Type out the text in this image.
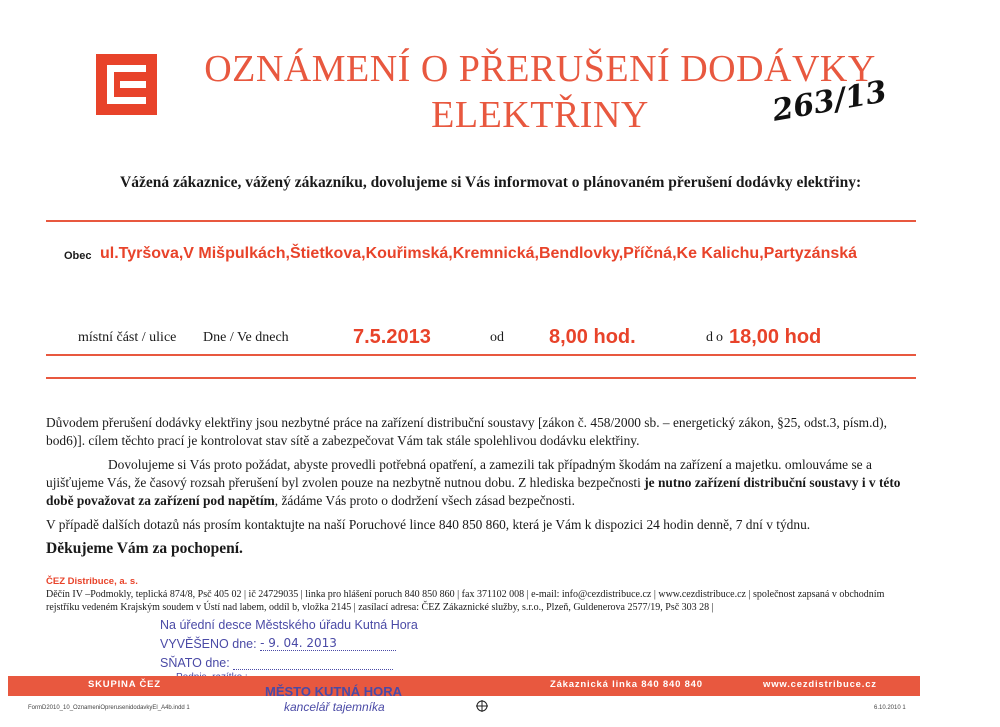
OZNÁMENÍ O PŘERUŠENÍ DODÁVKY
ELEKTŘINY	263/13
Vážená zákaznice, vážený zákazníku, dovolujeme si Vás informovat o plánovaném přerušení dodávky elektřiny:
Obec ul.Tyršova,V Mišpulkách,Štietkova,Kouřimská,Kremnická,Bendlovky,Příčná,Ke Kalichu,Partyzánská
místní část / ulice Dne / Ve dnech	7.5.2013	od 8,00 hod.	do 18,00 hod
Důvodem přerušení dodávky elektřiny jsou nezbytné práce na zařízení distribuční soustavy [zákon č. 458/2000 sb. – energetický zákon, §25, odst.3, písm.d), bod6)]. cílem těchto prací je kontrolovat stav sítě a zabezpečovat Vám tak stále spolehlivou dodávku elektřiny.
Dovolujeme si Vás proto požádat, abyste provedli potřebná opatření, a zamezili tak případným škodám na zařízení a majetku. omlouváme se a ujišťujeme Vás, že časový rozsah přerušení byl zvolen pouze na nezbytně nutnou dobu. Z hlediska bezpečnosti je nutno zařízení distribuční soustavy i v této době považovat za zařízení pod napětím, žádáme Vás proto o dodržení všech zásad bezpečnosti.
V případě dalších dotazů nás prosím kontaktujte na naší Poruchové lince 840 850 860, která je Vám k dispozici 24 hodin denně, 7 dní v týdnu.
Děkujeme Vám za pochopení.
ČEZ Distribuce, a. s.
Děčín IV –Podmokly, teplická 874/8, Psč 405 02 | ič 24729035 | linka pro hlášení poruch 840 850 860 | fax 371102 008 | e-mail: info@cezdistribuce.cz | www.cezdistribuce.cz | společnost zapsaná v obchodním rejstříku vedeném Krajským soudem v Ústí nad labem, oddíl b, vložka 2145 | zasílací adresa: ČEZ Zákaznické služby, s.r.o., Plzeň, Guldenerova 2577/19, Psč 303 28 |
Na úřední desce Městského úřadu Kutná Hora
VYVĚŠENO dne: - 9. 04. 2013
SŇATO dne:
SKUPINA ČEZ	Zákaznická linka 840 840 840	www.cezdistribuce.cz
MĚSTO KUTNÁ HORA
kancelář tajemníka
FormD2010_10_OznameniOprerusenidodavkyEl_A4b.indd 1	6.10.2010 1
